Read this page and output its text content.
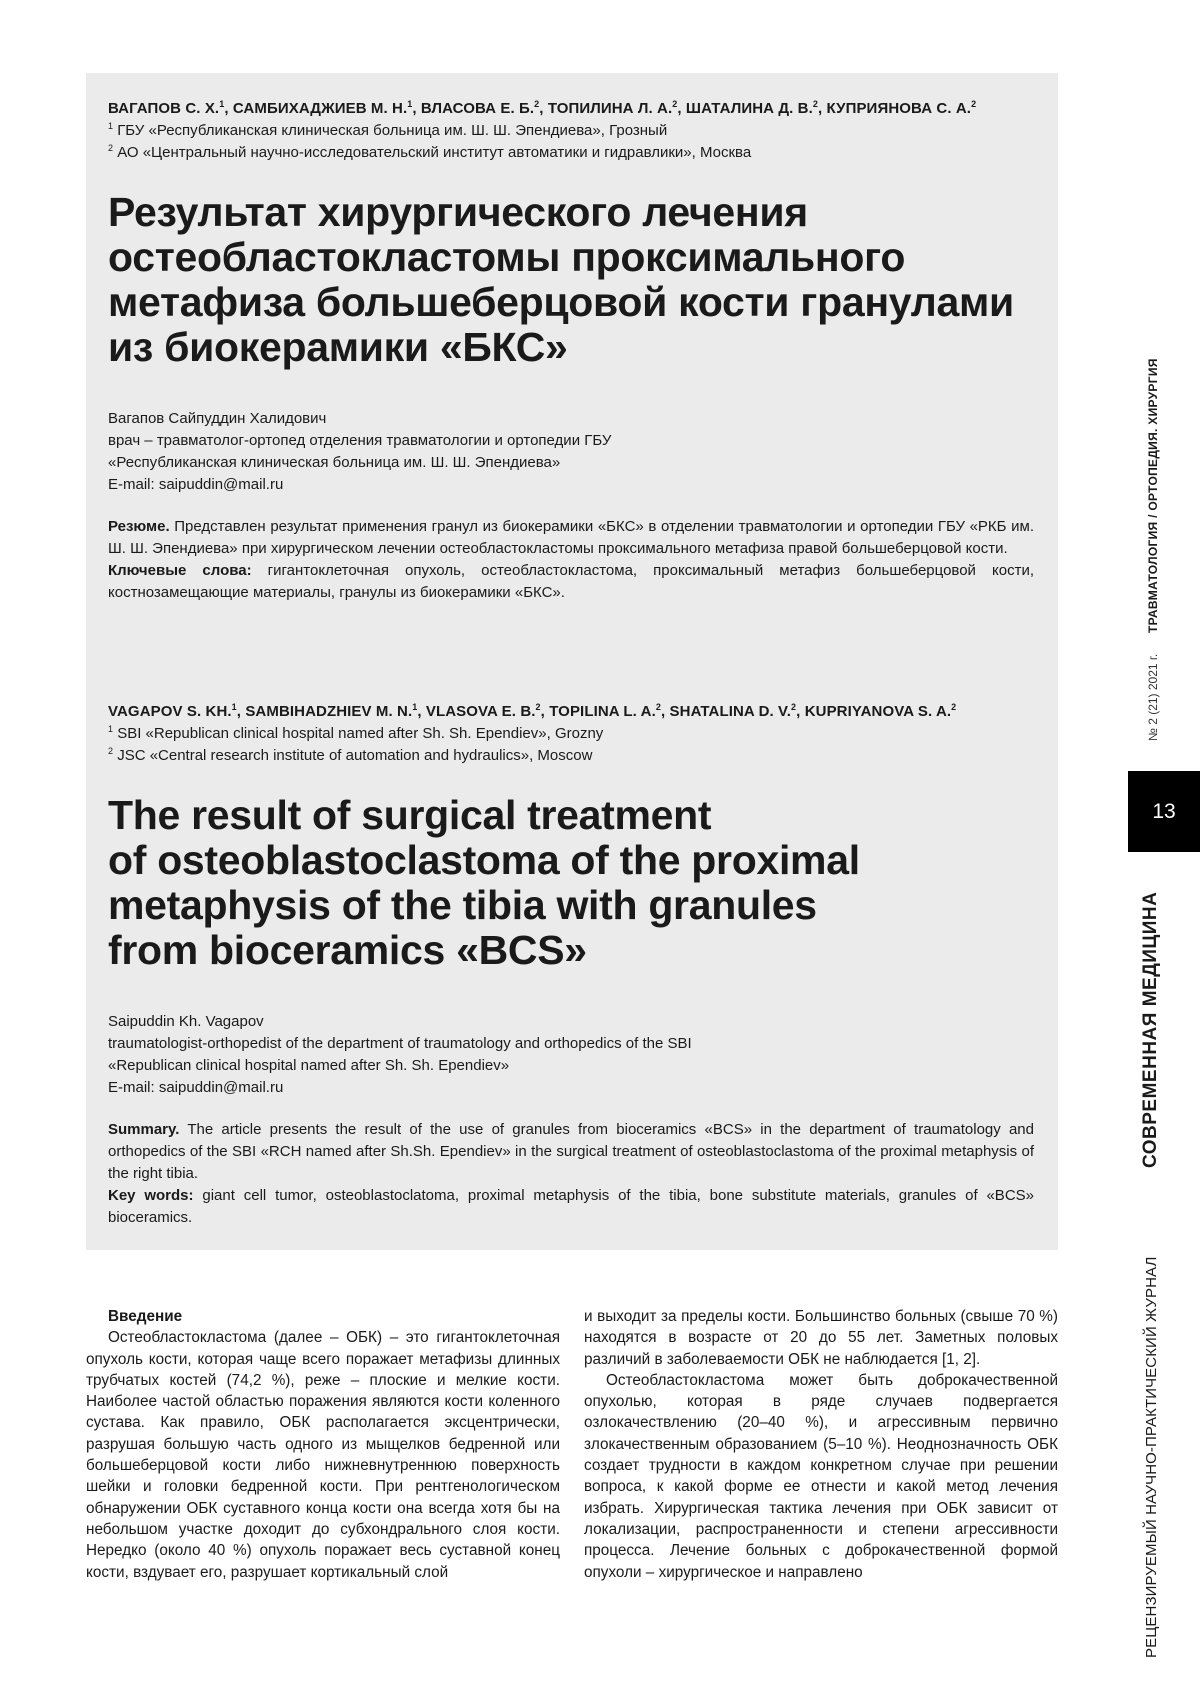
ВАГАПОВ С. Х.$^1$, САМБИХАДЖИЕВ М. Н.$^1$, ВЛАСОВА Е. Б.$^2$, ТОПИЛИНА Л. А.$^2$, ШАТАЛИНА Д. В.$^2$, КУПРИЯНОВА С. А.$^2$
$^1$ ГБУ «Республиканская клиническая больница им. Ш. Ш. Эпендиева», Грозный
$^2$ АО «Центральный научно-исследовательский институт автоматики и гидравлики», Москва
Результат хирургического лечения
остеобластокластомы проксимального
метафиза большеберцовой кости гранулами
из биокерамики «БКС»
Вагапов Сайпуддин Халидович
врач – травматолог-ортопед отделения травматологии и ортопедии ГБУ
«Республиканская клиническая больница им. Ш. Ш. Эпендиева»
E-mail: saipuddin@mail.ru

Резюме. Представлен результат применения гранул из биокерамики «БКС» в отделении травматологии и ортопедии ГБУ «РКБ им. Ш. Ш. Эпендиева» при хирургическом лечении остеобластокластомы проксимального метафиза правой большеберцовой кости.

Ключевые слова: гигантоклеточная опухоль, остеобластокластома, проксимальный метафиз большеберцовой кости, костнозамещающие материалы, гранулы из биокерамики «БКС».

VAGAPOV S. KH.$^1$, SAMBIHADZHIEV M. N.$^1$, VLASOVA E. B.$^2$, TOPILINA L. A.$^2$, SHATALINA D. V.$^2$, KUPRIYANOVA S. A.$^2$
$^1$ SBI «Republican clinical hospital named after Sh. Sh. Ependiev», Grozny
$^2$ JSC «Central research institute of automation and hydraulics», Moscow
The result of surgical treatment
of osteoblastoclastoma of the proximal
metaphysis of the tibia with granules
from bioceramics «BCS»
Saipuddin Kh. Vagapov
traumatologist-orthopedist of the department of traumatology and orthopedics of the SBI
«Republican clinical hospital named after Sh. Sh. Ependiev»
E-mail: saipuddin@mail.ru

Summary. The article presents the result of the use of granules from bioceramics «BCS» in the department of traumatology and orthopedics of the SBI «RCH named after Sh.Sh. Ependiev» in the surgical treatment of osteoblastoclastoma of the proximal metaphysis of the right tibia.

Key words: giant cell tumor, osteoblastoclatoma, proximal metaphysis of the tibia, bone substitute materials, granules of «BCS» bioceramics.

РЕЦЕНЗИРУЕМЫЙ НАУЧНО-ПРАКТИЧЕСКИЙ ЖУРНАЛ
СОВРЕМЕННАЯ МЕДИЦИНА
13
№ 2 (21) 2021 г.
ТРАВМАТОЛОГИЯ / ОРТОПЕДИЯ. ХИРУРГИЯ

Введение

Остеобластокластома (далее – ОБК) – это гигантоклеточная опухоль кости, которая чаще всего поражает метафизы длинных трубчатых костей (74,2 %), реже – плоские и мелкие кости. Наиболее частой областью поражения являются кости коленного сустава. Как правило, ОБК располагается эксцентрически, разрушая большую часть одного из мыщелков бедренной или большеберцовой кости либо нижневнутреннюю поверхность шейки и головки бедренной кости. При рентгенологическом обнаружении ОБК суставного конца кости она всегда хотя бы на небольшом участке доходит до субхондрального слоя кости. Нередко (около 40 %) опухоль поражает весь суставной конец кости, вздувает его, разрушает кортикальный слой

и выходит за пределы кости. Большинство больных (свыше 70 %) находятся в возрасте от 20 до 55 лет. Заметных половых различий в заболеваемости ОБК не наблюдается [1, 2].

Остеобластокластома может быть доброкачественной опухолью, которая в ряде случаев подвергается озлокачествлению (20–40 %), и агрессивным первично злокачественным образованием (5–10 %). Неоднозначность ОБК создает трудности в каждом конкретном случае при решении вопроса, к какой форме ее отнести и какой метод лечения избрать. Хирургическая тактика лечения при ОБК зависит от локализации, распространенности и степени агрессивности процесса. Лечение больных с доброкачественной формой опухоли – хирургическое и направлено
